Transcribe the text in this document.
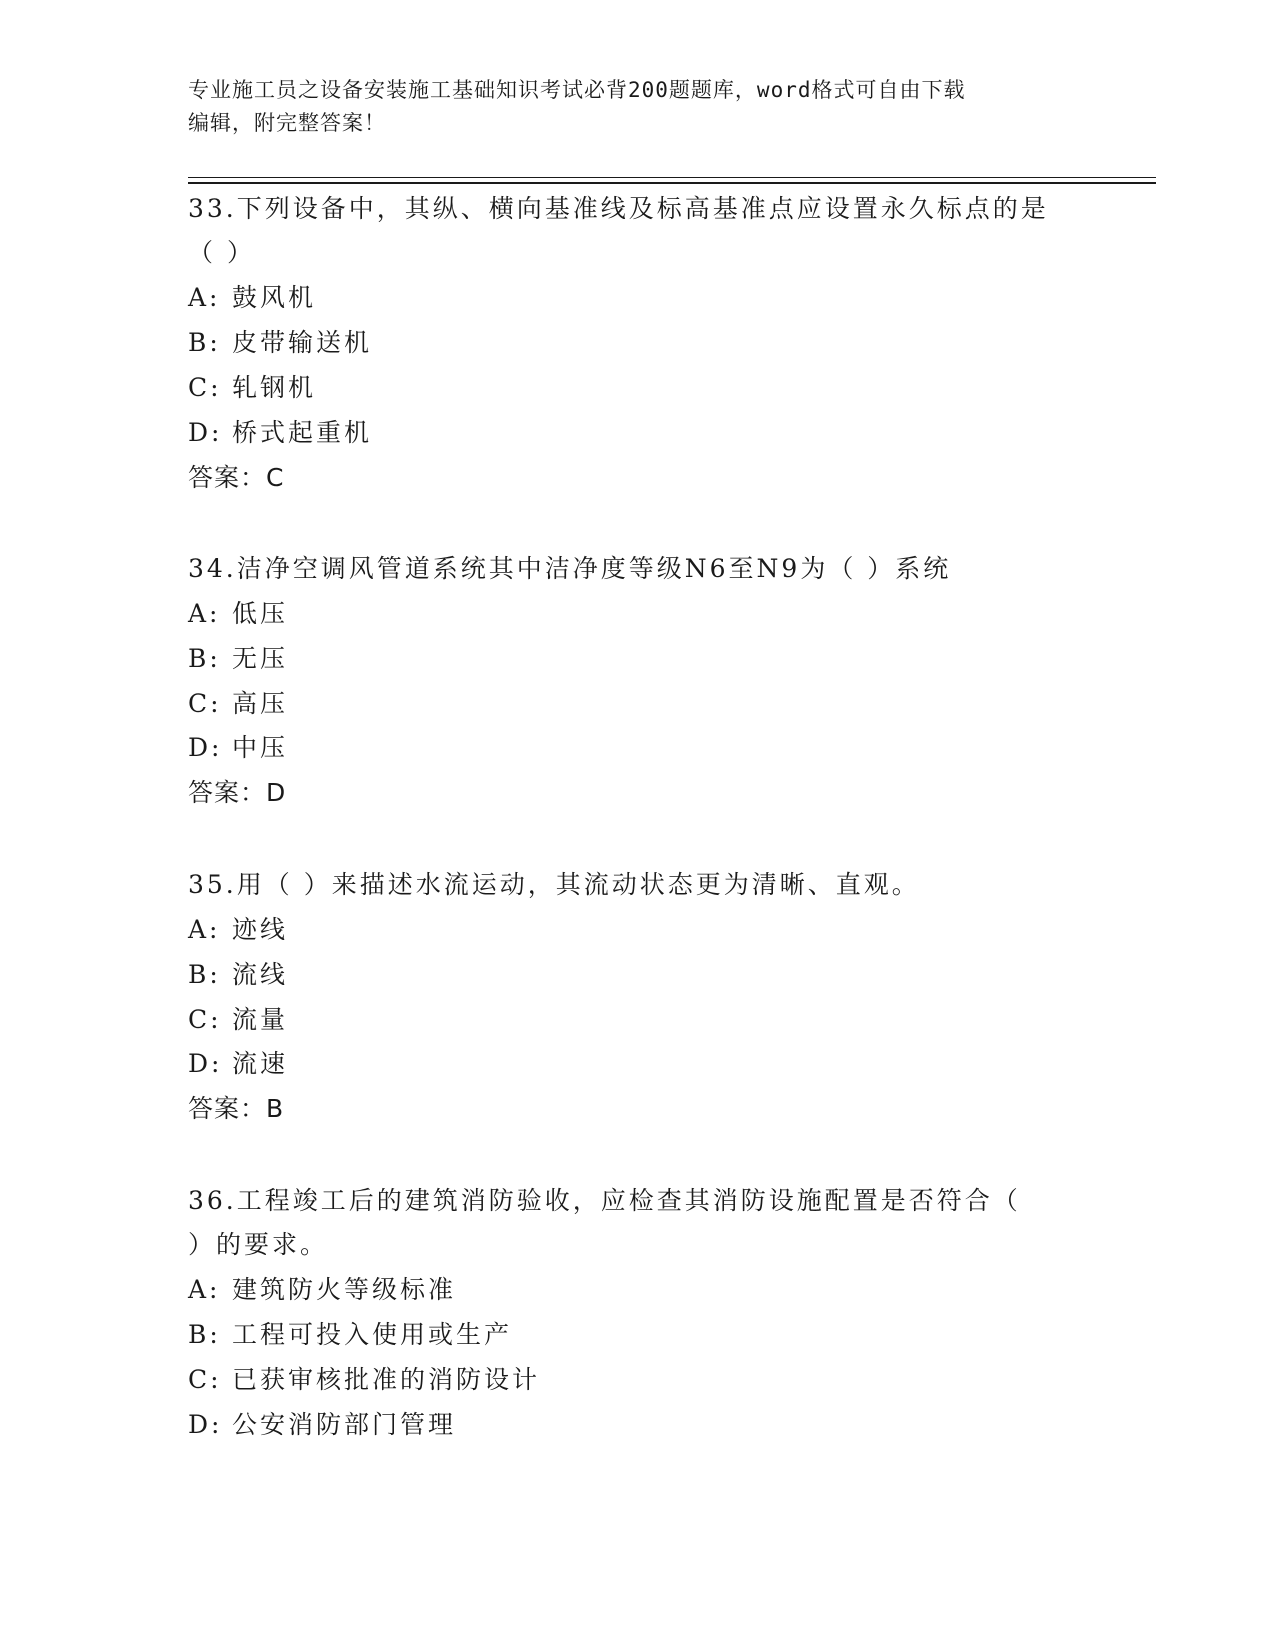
专业施工员之设备安装施工基础知识考试必背200题题库，word格式可自由下载
编辑，附完整答案！
33.下列设备中，其纵、横向基准线及标高基准点应设置永久标点的是
（ ）
A: 鼓风机
B: 皮带输送机
C: 轧钢机
D: 桥式起重机
答案：C
34.洁净空调风管道系统其中洁净度等级N6至N9为（ ）系统
A: 低压
B: 无压
C: 高压
D: 中压
答案：D
35.用（ ）来描述水流运动，其流动状态更为清晰、直观。
A: 迹线
B: 流线
C: 流量
D: 流速
答案：B
36.工程竣工后的建筑消防验收，应检查其消防设施配置是否符合（
）的要求。
A: 建筑防火等级标准
B: 工程可投入使用或生产
C: 已获审核批准的消防设计
D: 公安消防部门管理
